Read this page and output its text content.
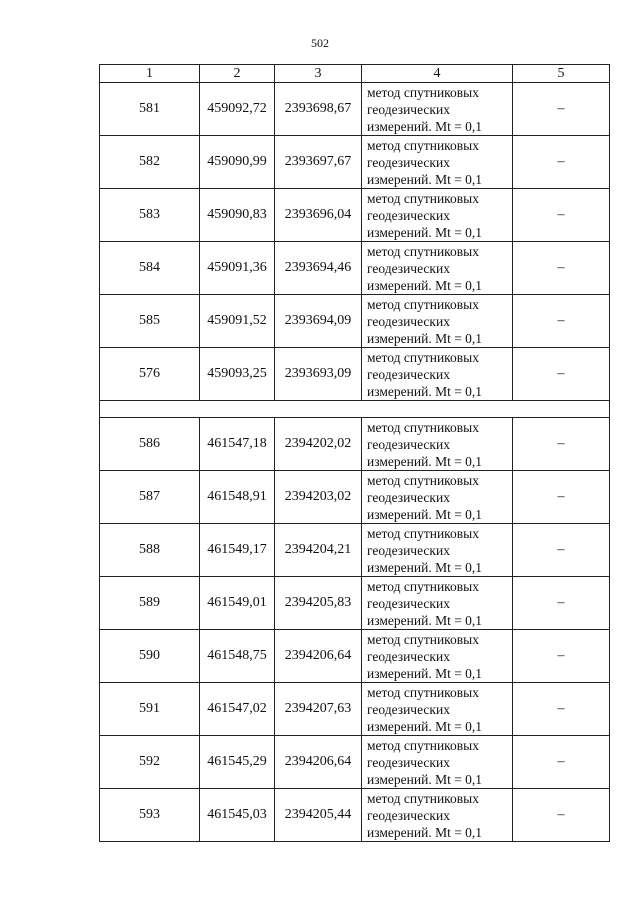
502
1	2	3	4	5
581	459092,72	2393698,67	метод спутниковых
геодезических
измерений. Mt = 0,1	–
582	459090,99	2393697,67	метод спутниковых
геодезических
измерений. Mt = 0,1	–
583	459090,83	2393696,04	метод спутниковых
геодезических
измерений. Mt = 0,1	–
584	459091,36	2393694,46	метод спутниковых
геодезических
измерений. Mt = 0,1	–
585	459091,52	2393694,09	метод спутниковых
геодезических
измерений. Mt = 0,1	–
576	459093,25	2393693,09	метод спутниковых
геодезических
измерений. Mt = 0,1	–

586	461547,18	2394202,02	метод спутниковых
геодезических
измерений. Mt = 0,1	–
587	461548,91	2394203,02	метод спутниковых
геодезических
измерений. Mt = 0,1	–
588	461549,17	2394204,21	метод спутниковых
геодезических
измерений. Mt = 0,1	–
589	461549,01	2394205,83	метод спутниковых
геодезических
измерений. Mt = 0,1	–
590	461548,75	2394206,64	метод спутниковых
геодезических
измерений. Mt = 0,1	–
591	461547,02	2394207,63	метод спутниковых
геодезических
измерений. Mt = 0,1	–
592	461545,29	2394206,64	метод спутниковых
геодезических
измерений. Mt = 0,1	–
593	461545,03	2394205,44	метод спутниковых
геодезических
измерений. Mt = 0,1	–
